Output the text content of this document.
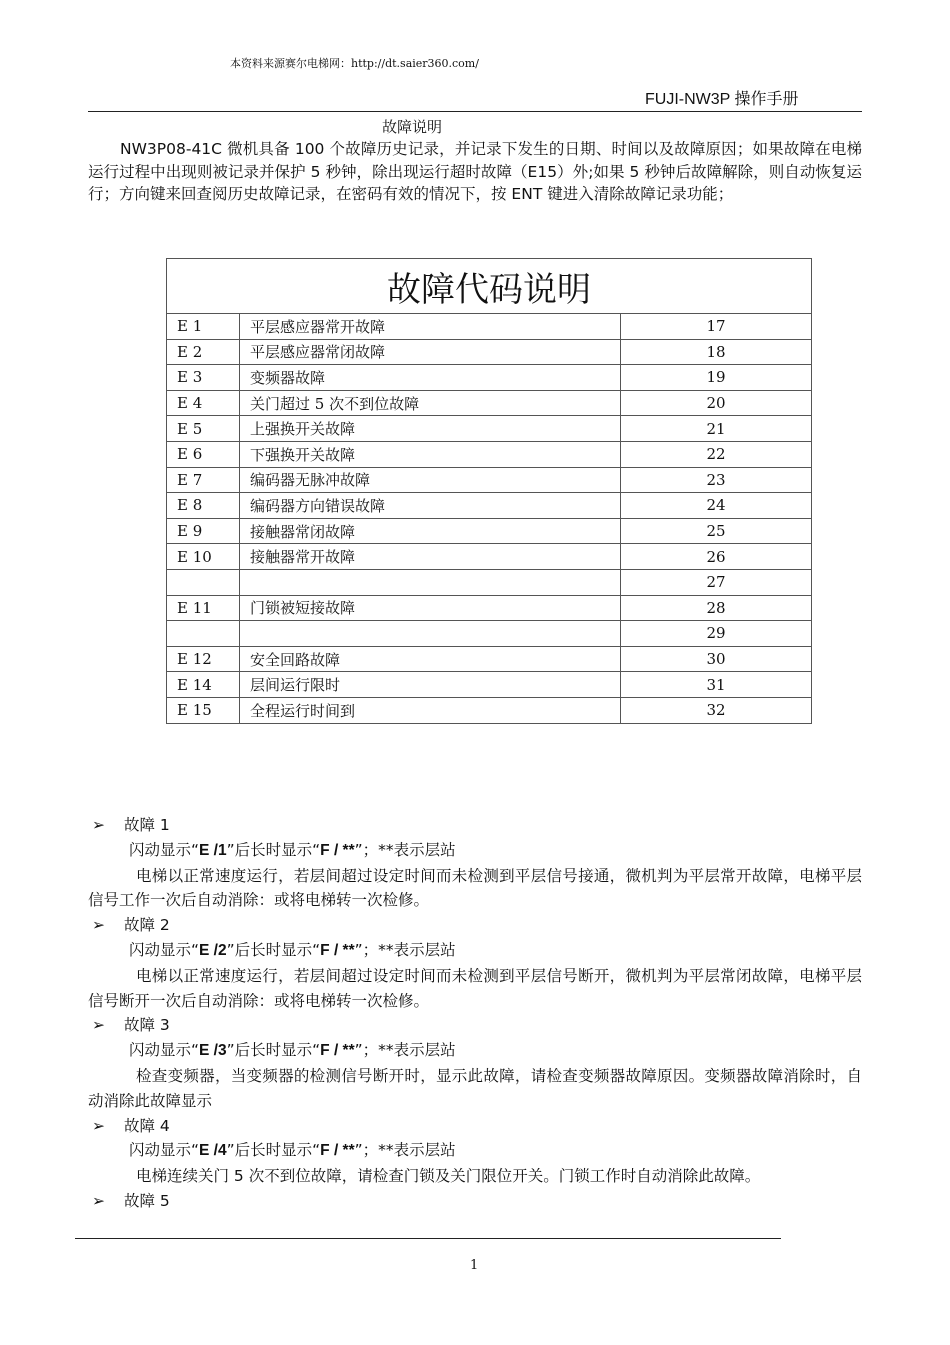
本资料来源赛尔电梯网：http://dt.saier360.com/
FUJI-NW3P 操作手册
故障说明

NW3P08-41C 微机具备 100 个故障历史记录，并记录下发生的日期、时间以及故障原因；如果故障在电梯运行过程中出现则被记录并保护 5 秒钟，除出现运行超时故障（E15）外;如果 5 秒钟后故障解除，则自动恢复运行；方向键来回查阅历史故障记录，在密码有效的情况下，按 ENT 键进入清除故障记录功能；

故障代码说明		
E 1	平层感应器常开故障	17
E 2	平层感应器常闭故障	18
E 3	变频器故障	19
E 4	关门超过 5 次不到位故障	20
E 5	上强换开关故障	21
E 6	下强换开关故障	22
E 7	编码器无脉冲故障	23
E 8	编码器方向错误故障	24
E 9	接触器常闭故障	25
E 10	接触器常开故障	26
		27
E 11	门锁被短接故障	28
		29
E 12	安全回路故障	30
E 14	层间运行限时	31
E 15	全程运行时间到	32
➢ 故障 1
闪动显示“E /1”后长时显示“F / **”；**表示层站
电梯以正常速度运行，若层间超过设定时间而未检测到平层信号接通，微机判为平层常开故障，电梯平层信号工作一次后自动消除：或将电梯转一次检修。
➢ 故障 2
闪动显示“E /2”后长时显示“F / **”；**表示层站
电梯以正常速度运行，若层间超过设定时间而未检测到平层信号断开，微机判为平层常闭故障，电梯平层信号断开一次后自动消除：或将电梯转一次检修。
➢ 故障 3
闪动显示“E /3”后长时显示“F / **”；**表示层站
检查变频器，当变频器的检测信号断开时，显示此故障，请检查变频器故障原因。变频器故障消除时，自动消除此故障显示
➢ 故障 4
闪动显示“E /4”后长时显示“F / **”；**表示层站
电梯连续关门 5 次不到位故障，请检查门锁及关门限位开关。门锁工作时自动消除此故障。
➢ 故障 5
1
